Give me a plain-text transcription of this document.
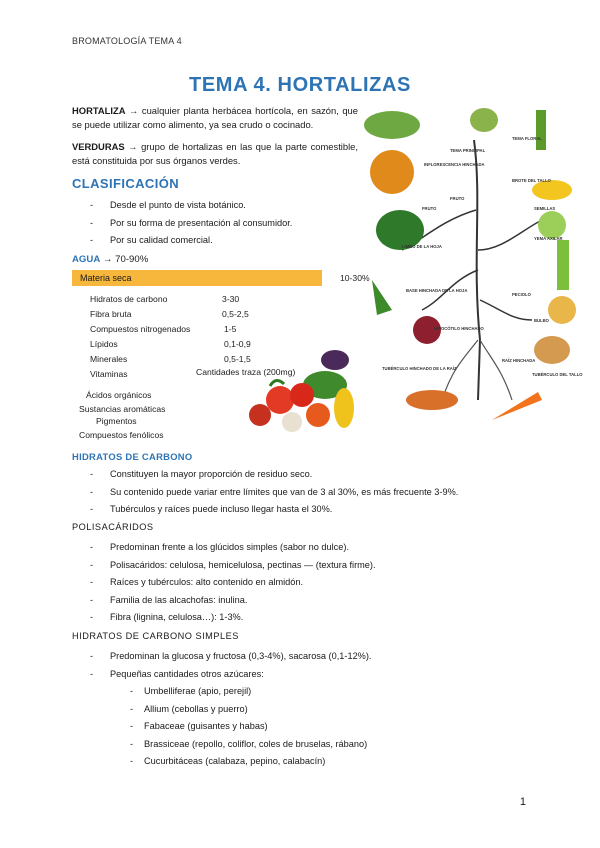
BROMATOLOGÍA TEMA 4
TEMA 4. HORTALIZAS
HORTALIZA → cualquier planta herbácea hortícola, en sazón, que se puede utilizar como alimento, ya sea crudo o cocinado.
VERDURAS → grupo de hortalizas en las que la parte comestible, está constituida por sus órganos verdes.
CLASIFICACIÓN
- Desde el punto de vista botánico.
- Por su forma de presentación al consumidor.
- Por su calidad comercial.
AGUA → 70-90%
Materia seca	10-30%
Hidratos de carbono	3-30
Fibra bruta	0,5-2,5
Compuestos nitrogenados	1-5
Lípidos	0,1-0,9
Minerales	0,5-1,5
Vitaminas	Cantidades traza (200mg)
Ácidos orgánicos
Sustancias aromáticas
Pigmentos
Compuestos fenólicos
TEMA FLORAL
TEMA PRINCIPAL
INFLORESCENCIA HINCHADA
BROTE DEL TALLO
FRUTO
SEMILLAS
FRUTO
LIMBO DE LA HOJA
YEMA AXILAR
BASE HINCHADA DE LA HOJA
PECIOLO
BULBO
HIPOCÓTILO HINCHADO
RAÍZ HINCHADA
TUBÉRCULO HINCHADO DE LA RAÍZ
TUBÉRCULO DEL TALLO
HIDRATOS DE CARBONO
- Constituyen la mayor proporción de residuo seco.
- Su contenido puede variar entre límites que van de 3 al 30%, es más frecuente 3-9%.
- Tubérculos y raíces puede incluso llegar hasta el 30%.
POLISACÁRIDOS
- Predominan frente a los glúcidos simples (sabor no dulce).
- Polisacáridos: celulosa, hemicelulosa, pectinas — (textura firme).
- Raíces y tubérculos: alto contenido en almidón.
- Familia de las alcachofas: inulina.
- Fibra (lignina, celulosa…): 1-3%.
HIDRATOS DE CARBONO SIMPLES
- Predominan la glucosa y fructosa (0,3-4%), sacarosa (0,1-12%).
- Pequeñas cantidades otros azúcares:
- Umbelliferae (apio, perejil)
- Allium (cebollas y puerro)
- Fabaceae (guisantes y habas)
- Brassiceae (repollo, coliflor, coles de bruselas, rábano)
- Cucurbitáceas (calabaza, pepino, calabacín)
1
